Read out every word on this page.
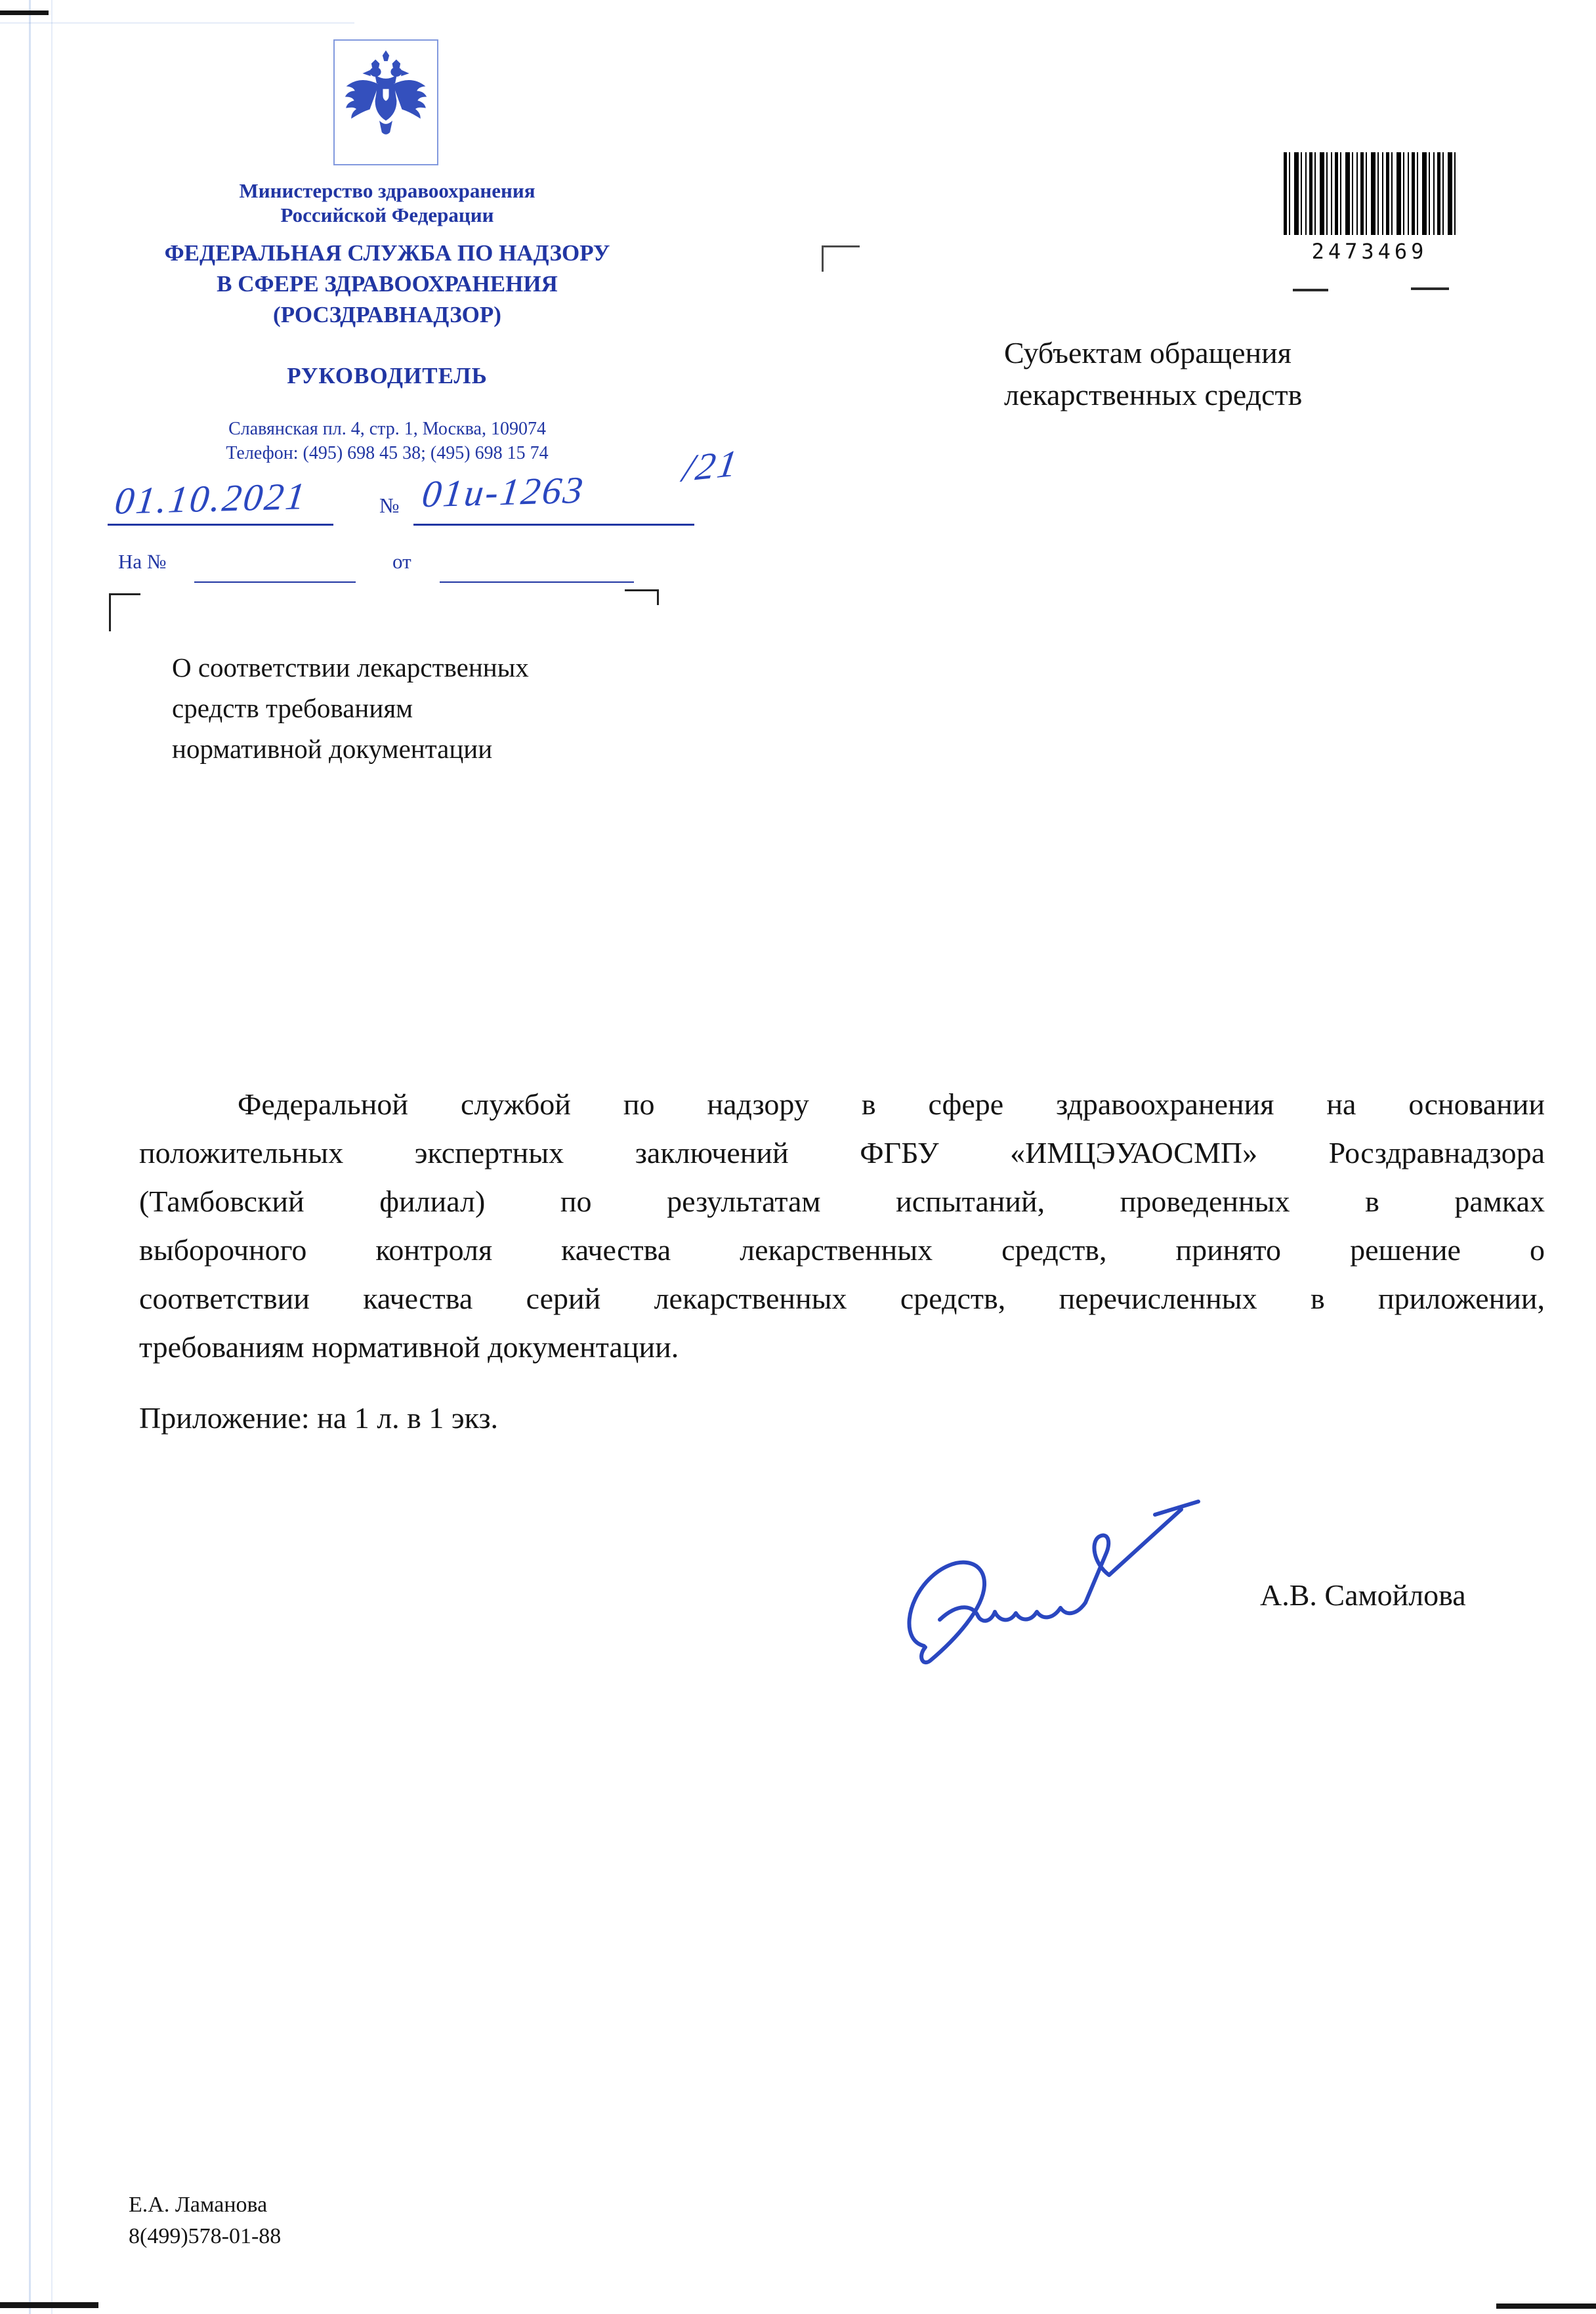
Министерство здравоохранения
Российской Федерации
ФЕДЕРАЛЬНАЯ СЛУЖБА ПО НАДЗОРУ
В СФЕРЕ ЗДРАВООХРАНЕНИЯ
(РОСЗДРАВНАДЗОР)
РУКОВОДИТЕЛЬ
Славянская пл. 4, стр. 1, Москва, 109074
Телефон: (495) 698 45 38; (495) 698 15 74
01.10.2021	№ 01и-1263
/21
На №	от
2473469
Субъектам обращения
лекарственных средств
О соответствии лекарственных
средств требованиям
нормативной документации
Федеральной службой по надзору в сфере здравоохранения на основании
положительных экспертных заключений ФГБУ «ИМЦЭУАОСМП» Росздравнадзора
(Тамбовский филиал) по результатам испытаний, проведенных в рамках
выборочного контроля качества лекарственных средств, принято решение о
соответствии качества серий лекарственных средств, перечисленных в приложении,
требованиям нормативной документации.
Приложение: на 1 л. в 1 экз.
А.В. Самойлова
Е.А. Ламанова
8(499)578-01-88
